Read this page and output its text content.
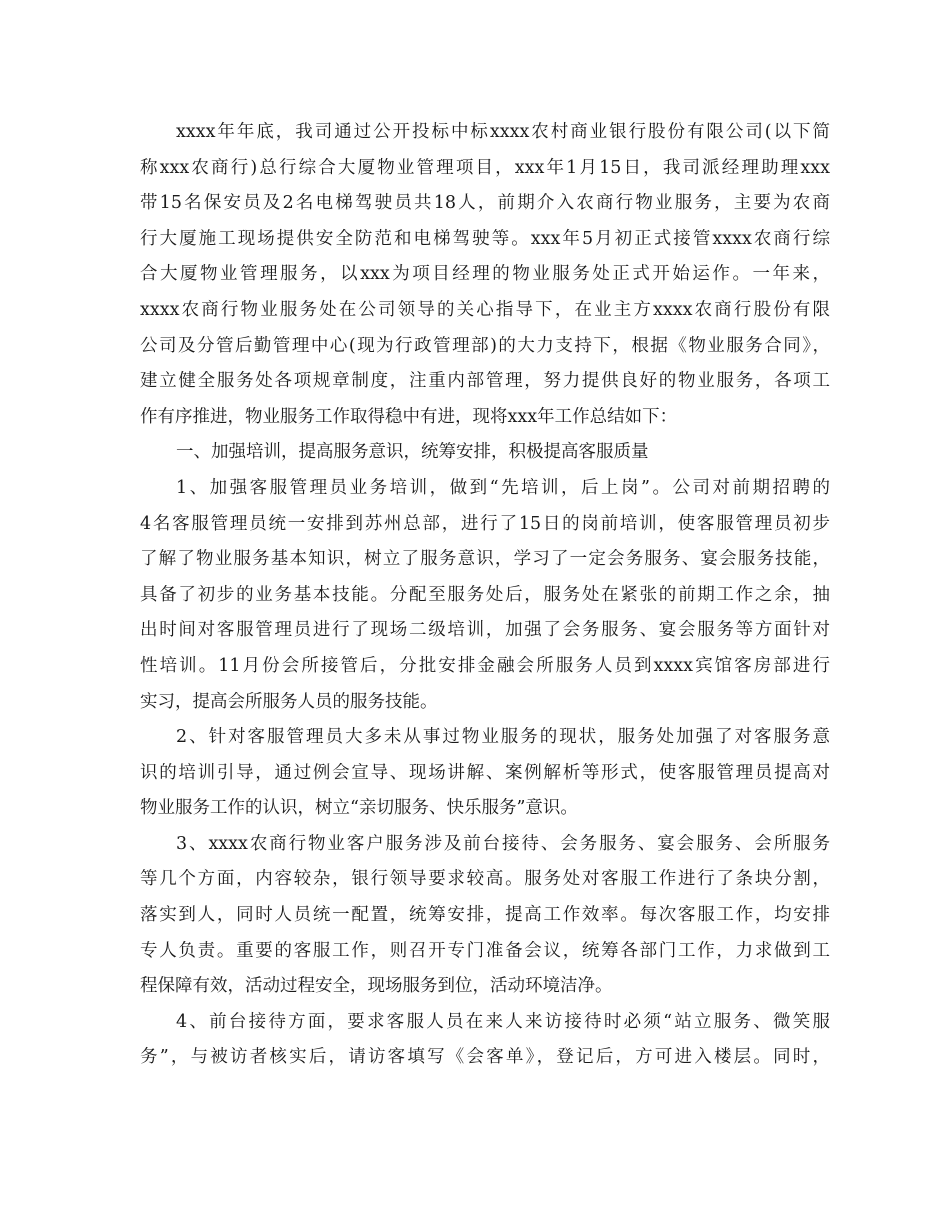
xxxx年年底，我司通过公开投标中标xxxx农村商业银行股份有限公司(以下简
称xxx农商行)总行综合大厦物业管理项目，xxx年1月15日，我司派经理助理xxx
带15名保安员及2名电梯驾驶员共18人，前期介入农商行物业服务，主要为农商
行大厦施工现场提供安全防范和电梯驾驶等。xxx年5月初正式接管xxxx农商行综
合大厦物业管理服务，以xxx为项目经理的物业服务处正式开始运作。一年来，
xxxx农商行物业服务处在公司领导的关心指导下，在业主方xxxx农商行股份有限
公司及分管后勤管理中心(现为行政管理部)的大力支持下，根据《物业服务合同》，
建立健全服务处各项规章制度，注重内部管理，努力提供良好的物业服务，各项工
作有序推进，物业服务工作取得稳中有进，现将xxx年工作总结如下：
一、加强培训，提高服务意识，统筹安排，积极提高客服质量
1、加强客服管理员业务培训，做到“先培训，后上岗”。公司对前期招聘的
4名客服管理员统一安排到苏州总部，进行了15日的岗前培训，使客服管理员初步
了解了物业服务基本知识，树立了服务意识，学习了一定会务服务、宴会服务技能，
具备了初步的业务基本技能。分配至服务处后，服务处在紧张的前期工作之余，抽
出时间对客服管理员进行了现场二级培训，加强了会务服务、宴会服务等方面针对
性培训。11月份会所接管后，分批安排金融会所服务人员到xxxx宾馆客房部进行
实习，提高会所服务人员的服务技能。
2、针对客服管理员大多未从事过物业服务的现状，服务处加强了对客服务意
识的培训引导，通过例会宣导、现场讲解、案例解析等形式，使客服管理员提高对
物业服务工作的认识，树立“亲切服务、快乐服务”意识。
3、xxxx农商行物业客户服务涉及前台接待、会务服务、宴会服务、会所服务
等几个方面，内容较杂，银行领导要求较高。服务处对客服工作进行了条块分割，
落实到人，同时人员统一配置，统筹安排，提高工作效率。每次客服工作，均安排
专人负责。重要的客服工作，则召开专门准备会议，统筹各部门工作，力求做到工
程保障有效，活动过程安全，现场服务到位，活动环境洁净。
4、前台接待方面，要求客服人员在来人来访接待时必须“站立服务、微笑服
务”，与被访者核实后，请访客填写《会客单》，登记后，方可进入楼层。同时，
